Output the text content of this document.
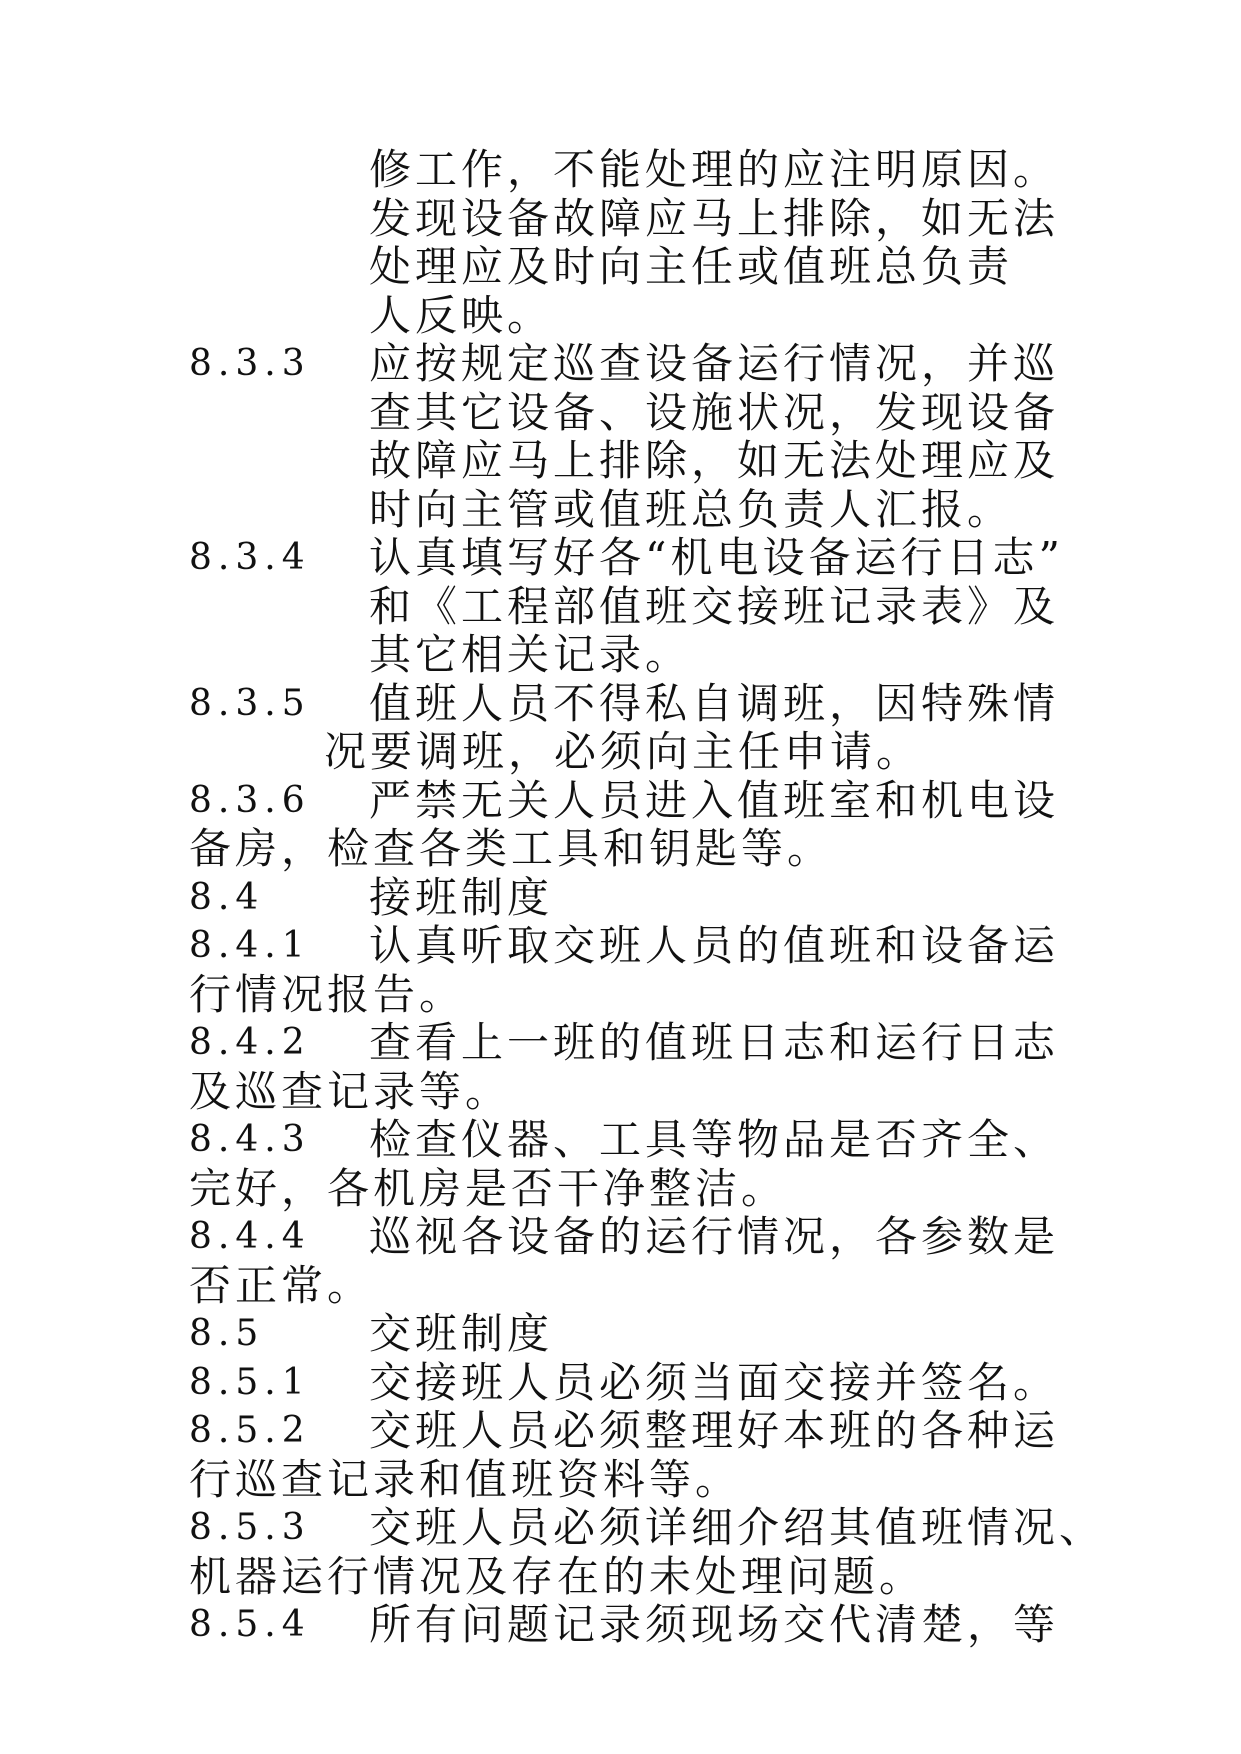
修工作，不能处理的应注明原因。
发现设备故障应马上排除，如无法
处理应及时向主任或值班总负责
人反映。
8.3.3 应按规定巡查设备运行情况，并巡
查其它设备、设施状况，发现设备
故障应马上排除，如无法处理应及
时向主管或值班总负责人汇报。
8.3.4 认真填写好各“机电设备运行日志”
和《工程部值班交接班记录表》及
其它相关记录。
8.3.5 值班人员不得私自调班，因特殊情
况要调班，必须向主任申请。
8.3.6 严禁无关人员进入值班室和机电设
备房，检查各类工具和钥匙等。
8.4 接班制度
8.4.1 认真听取交班人员的值班和设备运
行情况报告。
8.4.2 查看上一班的值班日志和运行日志
及巡查记录等。
8.4.3 检查仪器、工具等物品是否齐全、
完好，各机房是否干净整洁。
8.4.4 巡视各设备的运行情况，各参数是
否正常。
8.5 交班制度
8.5.1 交接班人员必须当面交接并签名。
8.5.2 交班人员必须整理好本班的各种运
行巡查记录和值班资料等。
8.5.3 交班人员必须详细介绍其值班情况、
机器运行情况及存在的未处理问题。
8.5.4 所有问题记录须现场交代清楚，等
